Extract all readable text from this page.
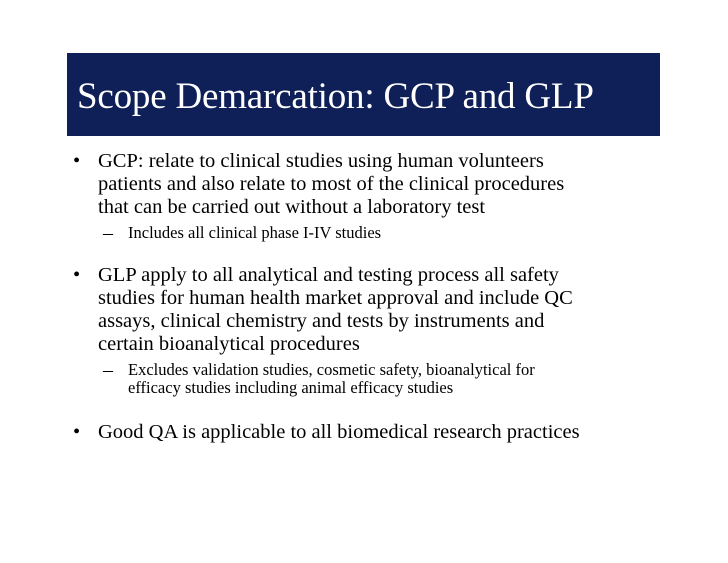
Scope Demarcation: GCP and GLP
• GCP: relate to clinical studies using human volunteers
patients and also relate to most of the clinical procedures
that can be carried out without a laboratory test
– Includes all clinical phase I-IV studies
• GLP apply to all analytical and testing process all safety
studies for human health market approval and include QC
assays, clinical chemistry and tests by instruments and
certain bioanalytical procedures
– Excludes validation studies, cosmetic safety, bioanalytical for
efficacy studies including animal efficacy studies
• Good QA is applicable to all biomedical research practices
